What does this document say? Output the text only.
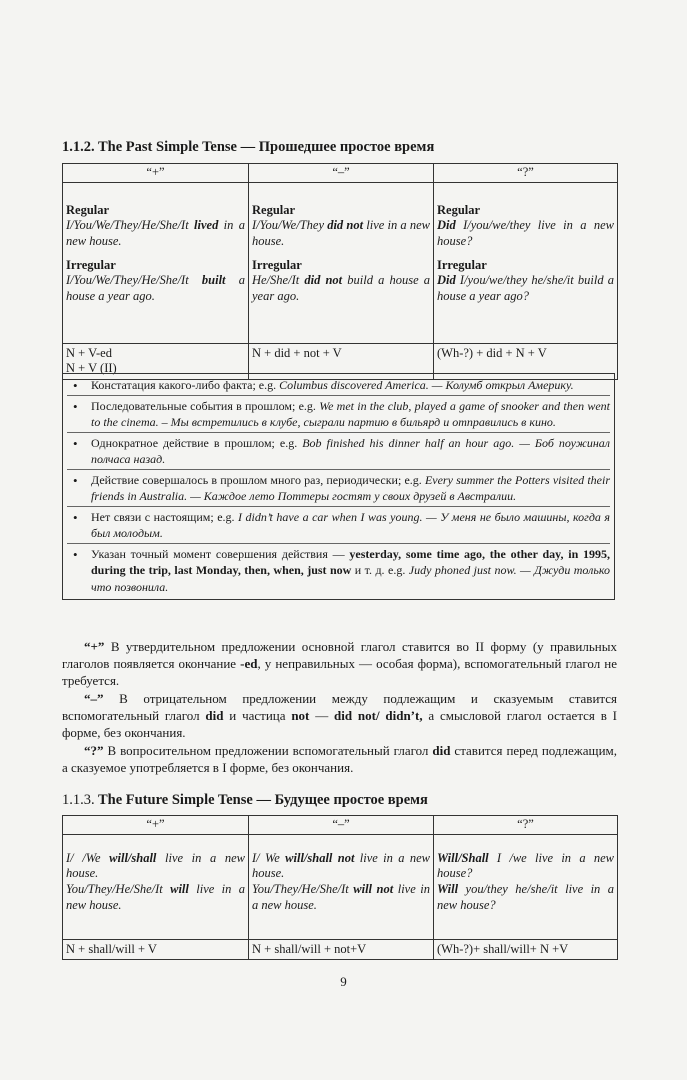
1.1.2. The Past Simple Tense — Прошедшее простое время
“+”	“–”	“?”

Regular
I/You/We/They/He/She/It lived in a new house.
Irregular
I/You/We/They/He/She/It built a house a year ago.	Regular
I/You/We/They did not live in a new house.
Irregular
He/She/It did not build a house a year ago.	Regular
Did I/you/we/they live in a new house?
Irregular
Did I/you/we/they he/she/it build a house a year ago?

N + V-ed
N + V (II)	N + did + not + V	(Wh-?) + did + N + V
• Констатация какого-либо факта; e.g. Columbus discovered America. — Колумб открыл Америку.
• Последовательные события в прошлом; e.g. We met in the club, played a game of snooker and then went to the cinema. – Мы встретились в клубе, сыграли партию в бильярд и отправились в кино.
• Однократное действие в прошлом; e.g. Bob finished his dinner half an hour ago. — Боб поужинал полчаса назад.
• Действие совершалось в прошлом много раз, периодически; e.g. Every summer the Potters visited their friends in Australia. — Каждое лето Поттеры гостят у своих друзей в Австралии.
• Нет связи с настоящим; e.g. I didn’t have a car when I was young. — У меня не было машины, когда я был молодым.
• Указан точный момент совершения действия — yesterday, some time ago, the other day, in 1995, during the trip, last Monday, then, when, just now и т. д. e.g. Judy phoned just now. — Джуди только что позвонила.

“+” В утвердительном предложении основной глагол ставится во II форму (у правильных глаголов появляется окончание -ed, у неправильных — особая форма), вспомогательный глагол не требуется.

“–” В отрицательном предложении между подлежащим и сказуемым ставится вспомогательный глагол did и частица not — did not/ didn’t, а смысловой глагол остается в I форме, без окончания.

“?” В вопросительном предложении вспомогательный глагол did ставится перед подлежащим, а сказуемое употребляется в I форме, без окончания.

1.1.3. The Future Simple Tense — Будущее простое время
“+”	“–”	“?”

I/ /We will/shall live in a new house.
You/They/He/She/It will live in a new house.	I/ We will/shall not live in a new house.
You/They/He/She/It will not live in a new house.	Will/Shall I /we live in a new house?
Will you/they he/she/it live in a new house?

N + shall/will + V	N + shall/will + not+V	(Wh-?)+ shall/will+ N +V
9
